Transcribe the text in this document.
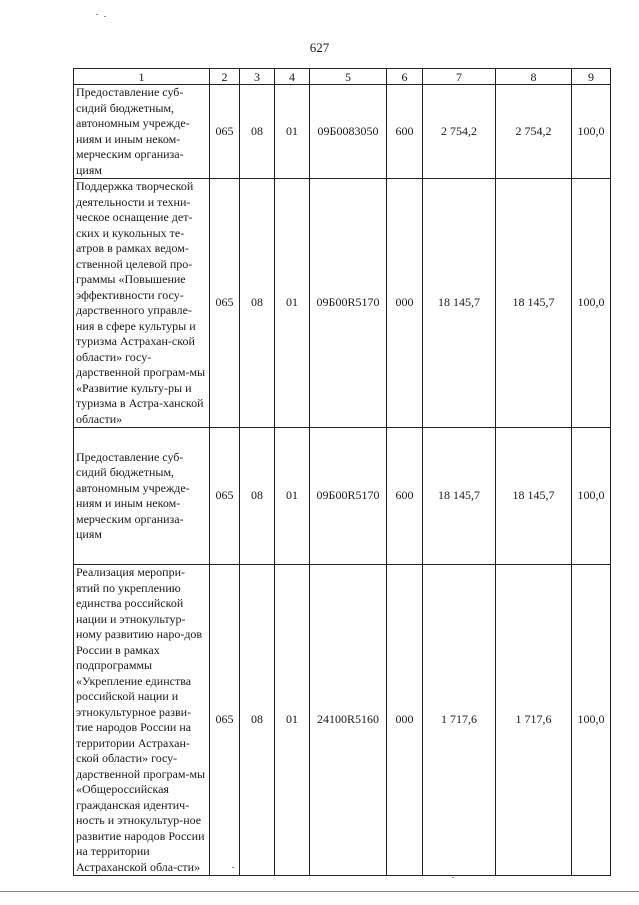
627
1	2	3	4	5	6	7	8	9
Предоставление суб-сидий бюджетным, автономным учрежде-ниям и иным неком-мерческим организа-циям	065	08	01	09Б0083050	600	2 754,2	2 754,2	100,0
Поддержка творческой деятельности и техни-ческое оснащение дет-ских и кукольных те-атров в рамках ведом-ственной целевой про-граммы «Повышение эффективности госу-дарственного управле-ния в сфере культуры и туризма Астрахан-ской области» госу-дарственной програм-мы «Развитие культу-ры и туризма в Астра-ханской области»	065	08	01	09Б00R5170	000	18 145,7	18 145,7	100,0
Предоставление суб-сидий бюджетным, автономным учрежде-ниям и иным неком-мерческим организа-циям	065	08	01	09Б00R5170	600	18 145,7	18 145,7	100,0
Реализация меропри-ятий по укреплению единства российской нации и этнокультур-ному развитию наро-дов России в рамках подпрограммы «Укрепление единства российской нации и этнокультурное разви-тие народов России на территории Астрахан-ской области» госу-дарственной програм-мы «Общероссийская гражданская идентич-ность и этнокультур-ное развитие народов России на территории Астраханской обла-сти»	065	08	01	24100R5160	000	1 717,6	1 717,6	100,0
